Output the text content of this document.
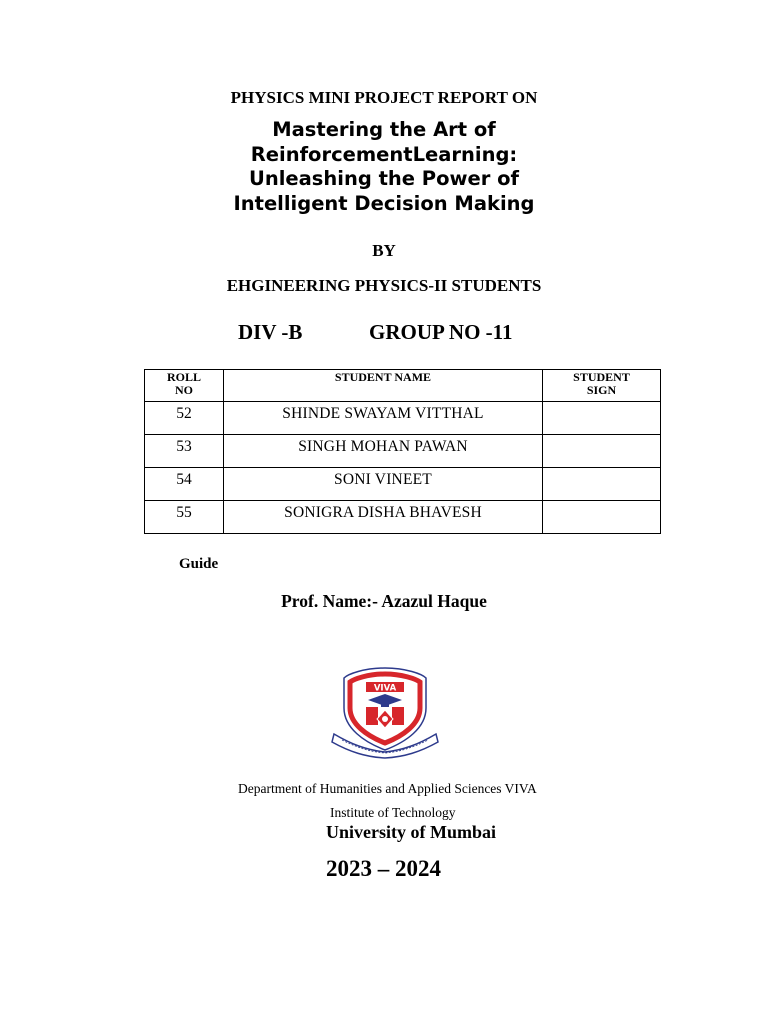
PHYSICS MINI PROJECT REPORT ON
Mastering the Art of
ReinforcementLearning:
Unleashing the Power of
Intelligent Decision Making
BY
EHGINEERING PHYSICS-II STUDENTS
DIV -B	GROUP NO -11
ROLL
NO	STUDENT NAME	STUDENT
SIGN
52	SHINDE SWAYAM VITTHAL	
53	SINGH MOHAN PAWAN	
54	SONI VINEET	
55	SONIGRA DISHA BHAVESH	
Guide
Prof. Name:- Azazul Haque
VIVA
Department of Humanities and Applied Sciences VIVA
Institute of Technology
University of Mumbai
2023 – 2024
